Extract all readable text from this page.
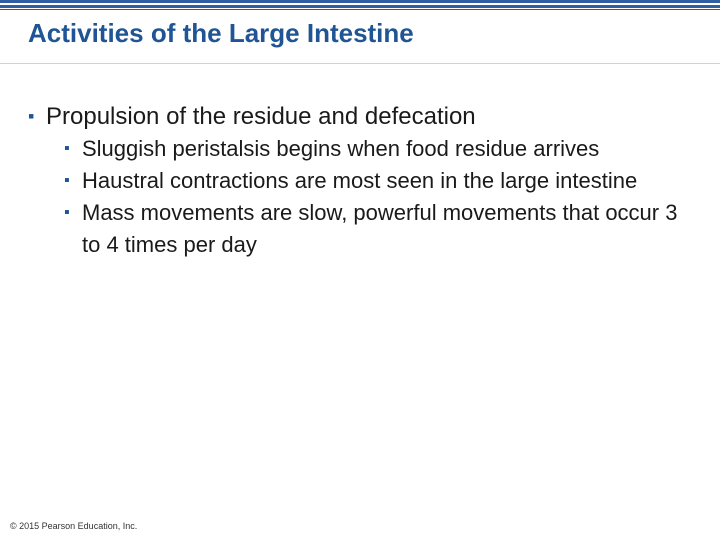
Activities of the Large Intestine
▪ Propulsion of the residue and defecation
▪ Sluggish peristalsis begins when food residue arrives
▪ Haustral contractions are most seen in the large intestine
▪ Mass movements are slow, powerful movements that occur 3 to 4 times per day
© 2015 Pearson Education, Inc.
